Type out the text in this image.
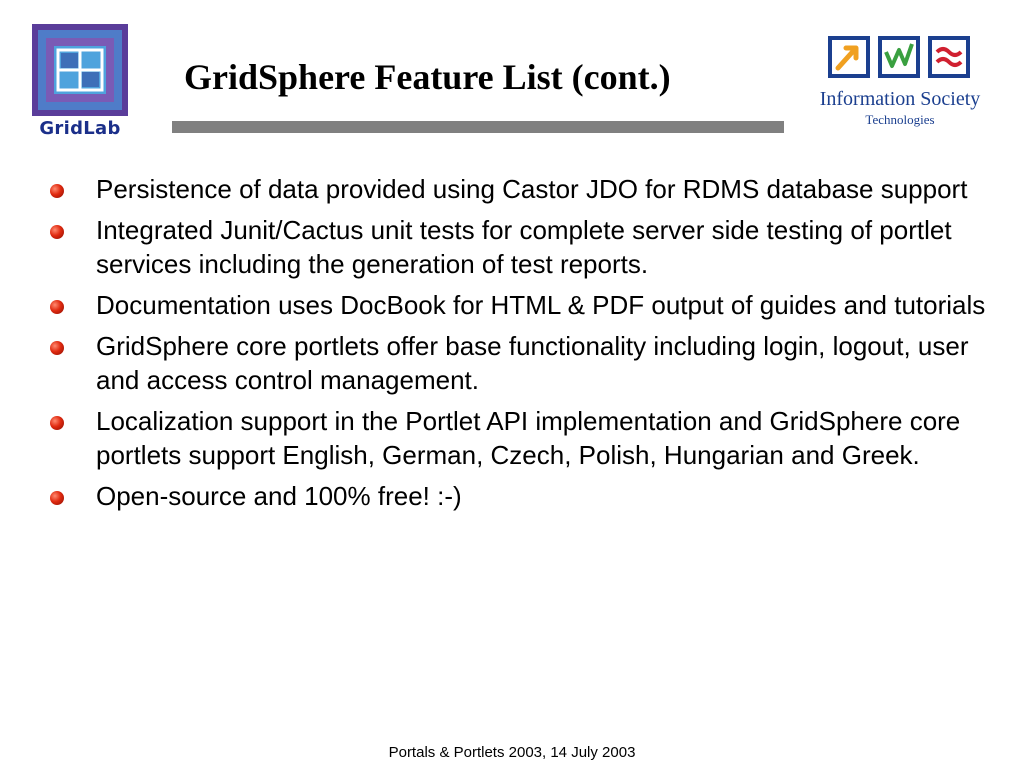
GridLab
GridSphere Feature List (cont.)
Information Society
Technologies
Persistence of data provided using Castor JDO for RDMS database support
Integrated Junit/Cactus unit tests for complete server side testing of portlet services including the generation of test reports.
Documentation uses DocBook for HTML & PDF output of guides and tutorials
GridSphere core portlets offer base functionality including login, logout, user and access control management.
Localization support in the Portlet API implementation and GridSphere core portlets support English, German, Czech, Polish, Hungarian and Greek.
Open-source and 100% free! :-)
Portals & Portlets 2003, 14 July 2003
